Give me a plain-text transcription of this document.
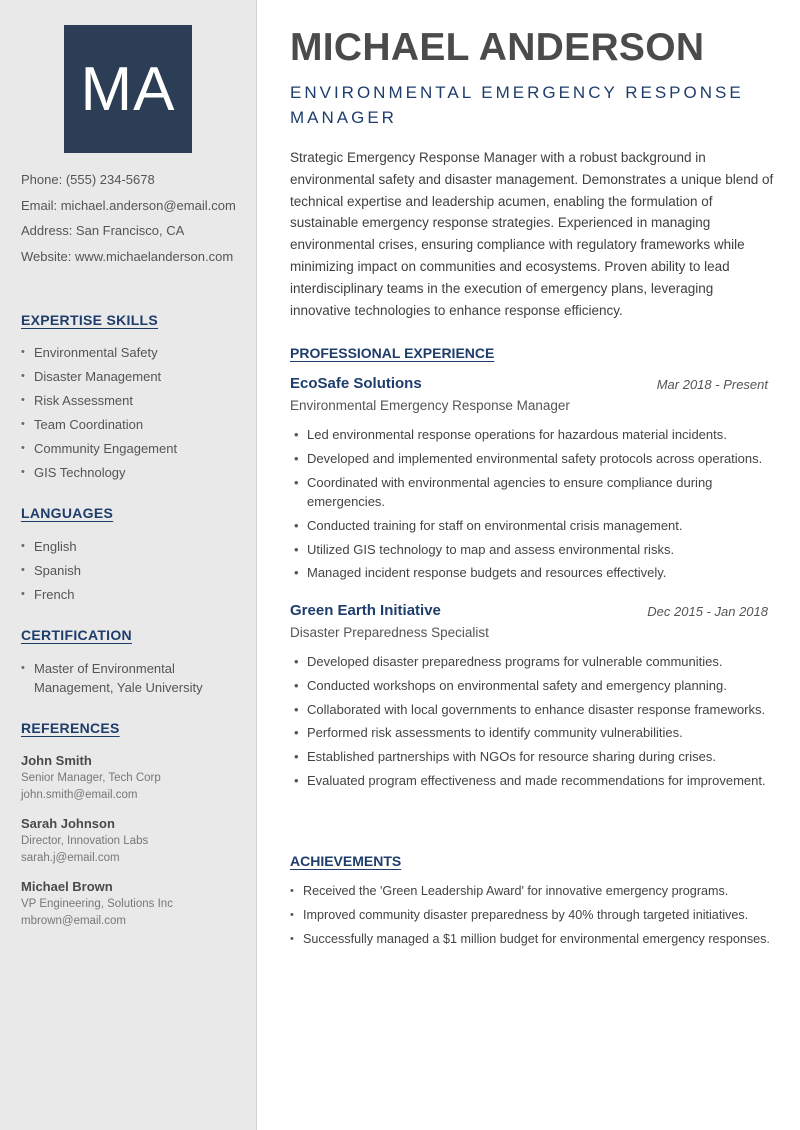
MA
Phone: (555) 234-5678
Email: michael.anderson@email.com
Address: San Francisco, CA
Website: www.michaelanderson.com
EXPERTISE SKILLS
• Environmental Safety
• Disaster Management
• Risk Assessment
• Team Coordination
• Community Engagement
• GIS Technology
LANGUAGES
• English
• Spanish
• French
CERTIFICATION
• Master of Environmental Management, Yale University
REFERENCES
John Smith
Senior Manager, Tech Corp
john.smith@email.com
Sarah Johnson
Director, Innovation Labs
sarah.j@email.com
Michael Brown
VP Engineering, Solutions Inc
mbrown@email.com
MICHAEL ANDERSON
ENVIRONMENTAL EMERGENCY RESPONSE MANAGER
Strategic Emergency Response Manager with a robust background in environmental safety and disaster management. Demonstrates a unique blend of technical expertise and leadership acumen, enabling the formulation of sustainable emergency response strategies. Experienced in managing environmental crises, ensuring compliance with regulatory frameworks while minimizing impact on communities and ecosystems. Proven ability to lead interdisciplinary teams in the execution of emergency plans, leveraging innovative technologies to enhance response efficiency.
PROFESSIONAL EXPERIENCE
EcoSafe Solutions	Mar 2018 - Present
Environmental Emergency Response Manager
• Led environmental response operations for hazardous material incidents.
• Developed and implemented environmental safety protocols across operations.
• Coordinated with environmental agencies to ensure compliance during emergencies.
• Conducted training for staff on environmental crisis management.
• Utilized GIS technology to map and assess environmental risks.
• Managed incident response budgets and resources effectively.
Green Earth Initiative	Dec 2015 - Jan 2018
Disaster Preparedness Specialist
• Developed disaster preparedness programs for vulnerable communities.
• Conducted workshops on environmental safety and emergency planning.
• Collaborated with local governments to enhance disaster response frameworks.
• Performed risk assessments to identify community vulnerabilities.
• Established partnerships with NGOs for resource sharing during crises.
• Evaluated program effectiveness and made recommendations for improvement.
ACHIEVEMENTS
• Received the 'Green Leadership Award' for innovative emergency programs.
• Improved community disaster preparedness by 40% through targeted initiatives.
• Successfully managed a $1 million budget for environmental emergency responses.
